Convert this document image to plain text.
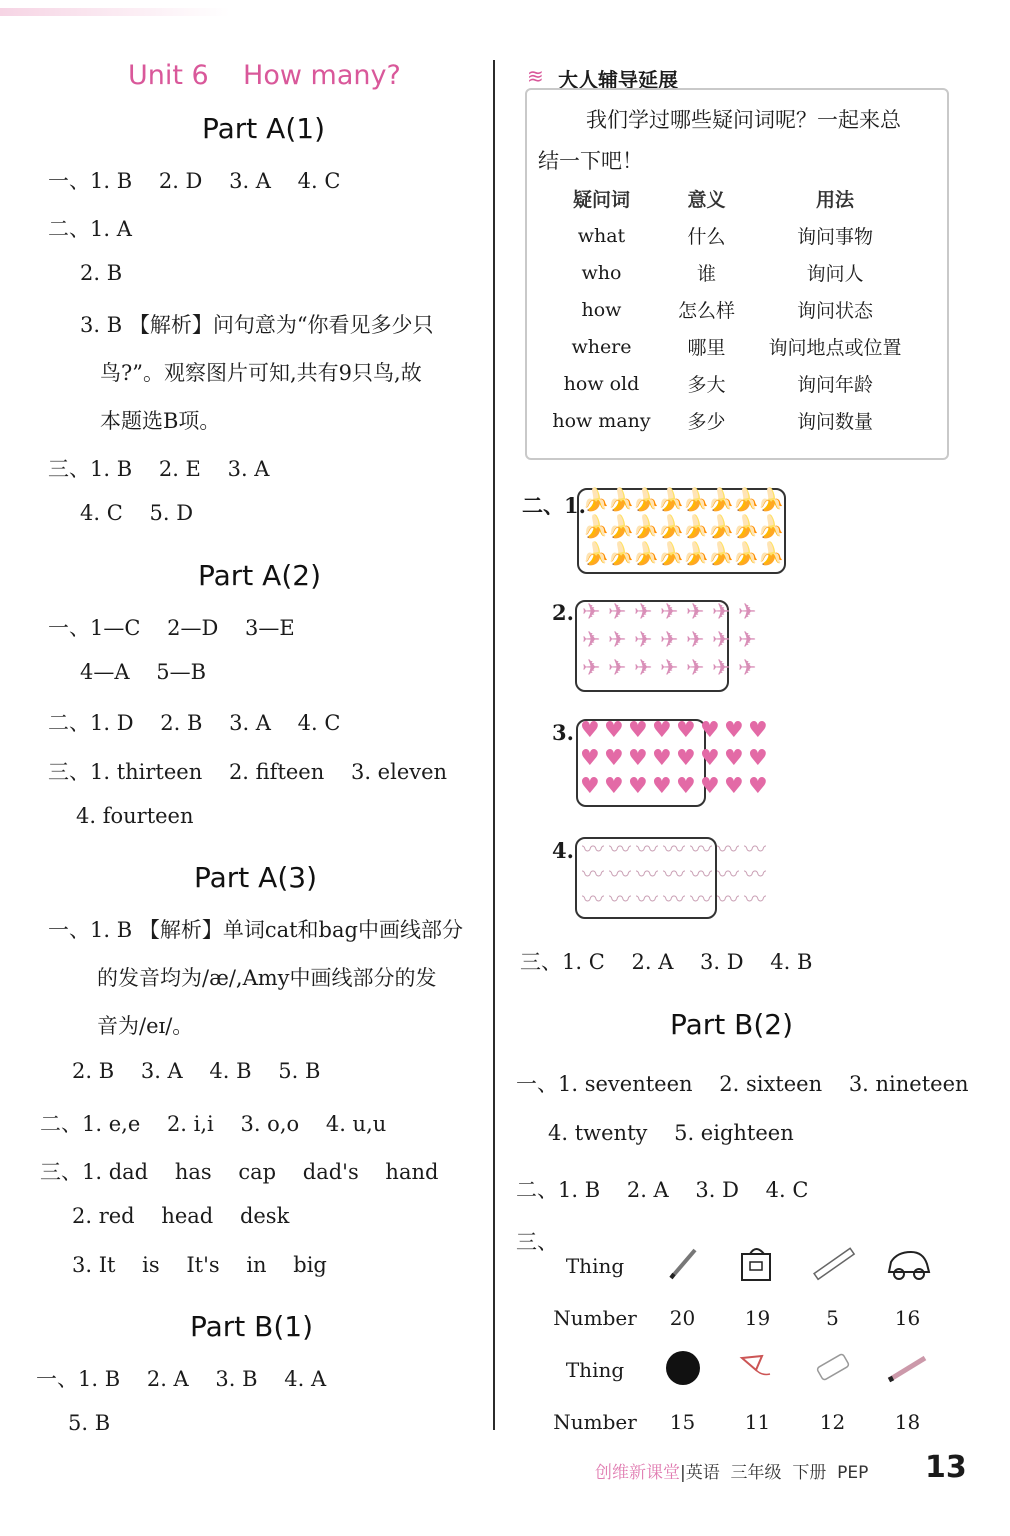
Unit 6    How many?
Part A(1)
一、1. B    2. D    3. A    4. C
二、1. A
2. B
3. B 【解析】问句意为“你看见多少只
鸟?”。观察图片可知,共有9只鸟,故
本题选B项。
三、1. B    2. E    3. A
4. C    5. D
Part A(2)
一、1—C    2—D    3—E
4—A    5—B
二、1. D    2. B    3. A    4. C
三、1. thirteen    2. fifteen    3. eleven
4. fourteen
Part A(3)
一、1. B 【解析】单词cat和bag中画线部分
的发音均为/æ/,Amy中画线部分的发
音为/eɪ/。
2. B    3. A    4. B    5. B
二、1. e,e    2. i,i    3. o,o    4. u,u
三、1. dad    has    cap    dad's    hand
2. red    head    desk
3. It    is    It's    in    big
Part B(1)
一、1. B    2. A    3. B    4. A
5. B
≋ 大人辅导延展
我们学过哪些疑问词呢？一起来总
结一下吧！
疑问词	意义	用法
what	什么	询问事物
who	谁	询问人
how	怎么样	询问状态
where	哪里	询问地点或位置
how old	多大	询问年龄
how many	多少	询问数量
二、1.
🍌
🍌
🍌
🍌
🍌
🍌
🍌
🍌
🍌
🍌
🍌
🍌
🍌
🍌
🍌
🍌
🍌
🍌
🍌
🍌
🍌
🍌
🍌
🍌
2. ✈ ✈ ✈ ✈ ✈ ✈ ✈
✈ ✈ ✈ ✈ ✈ ✈ ✈
✈ ✈ ✈ ✈ ✈ ✈ ✈
3. ♥ ♥ ♥ ♥ ♥ ♥ ♥ ♥
♥ ♥ ♥ ♥ ♥ ♥ ♥ ♥
♥ ♥ ♥ ♥ ♥ ♥ ♥ ♥
4. 〰 〰 〰 〰 〰 〰 〰
〰 〰 〰 〰 〰 〰 〰
〰 〰 〰 〰 〰 〰 〰
三、1. C    2. A    3. D    4. B
Part B(2)
一、1. seventeen    2. sixteen    3. nineteen
4. twenty    5. eighteen
二、1. B    2. A    3. D    4. C
三、
Thing				
Number	20	19	5	16
Thing				
Number	15	11	12	18
创维新课堂|英语  三年级  下册  PEP 13
